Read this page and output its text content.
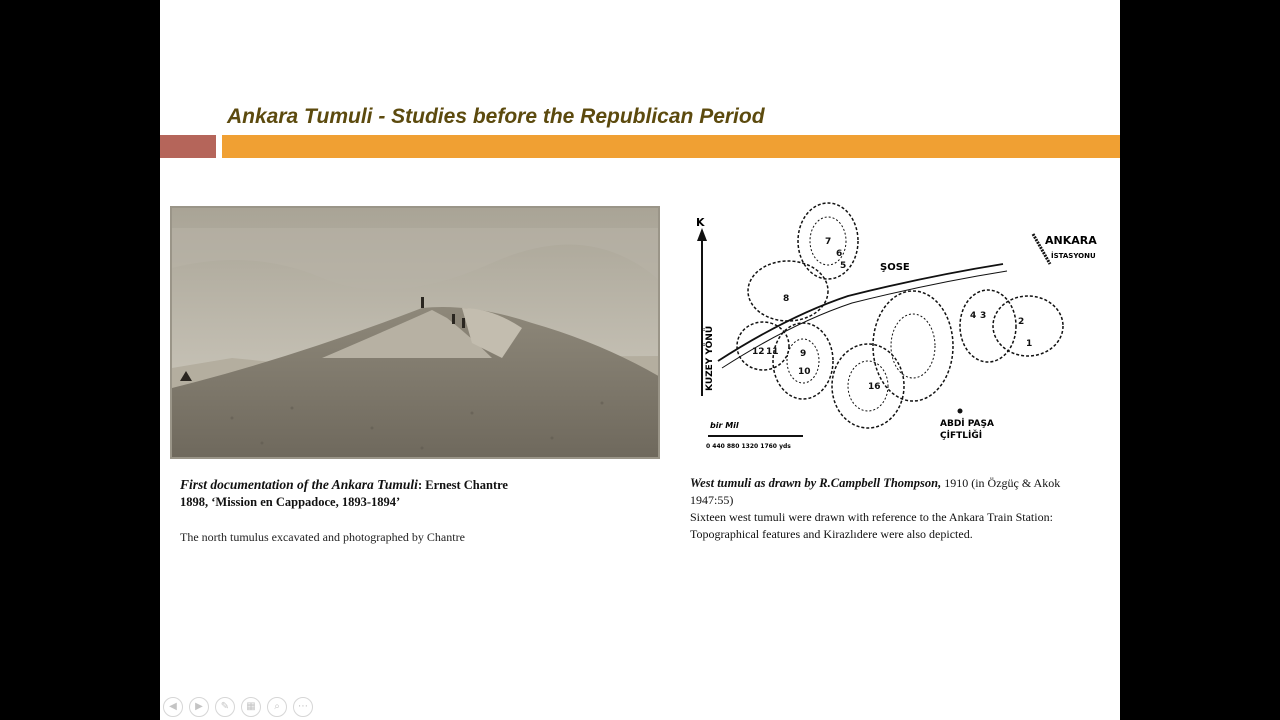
Ankara Tumuli - Studies before the Republican Period
K
KUZEY YÖNÜ
ŞOSE
ANKARA
İSTASYONU
7
6
5
8
9
10
12 11
4 3
2
1
16
ABDİ PAŞA
ÇİFTLİĞİ
bir Mil
0 440 880 1320 1760 yds
First documentation of the Ankara Tumuli: Ernest Chantre
1898, ‘Mission en Cappadoce, 1893-1894’
The north tumulus excavated and photographed by Chantre
West tumuli as drawn by R.Campbell Thompson, 1910 (in Özgüç & Akok 1947:55)
Sixteen west tumuli were drawn with reference to the Ankara Train Station: Topographical features and Kirazlıdere were also depicted.
◀	▶	✎	▦	⌕	⋯
